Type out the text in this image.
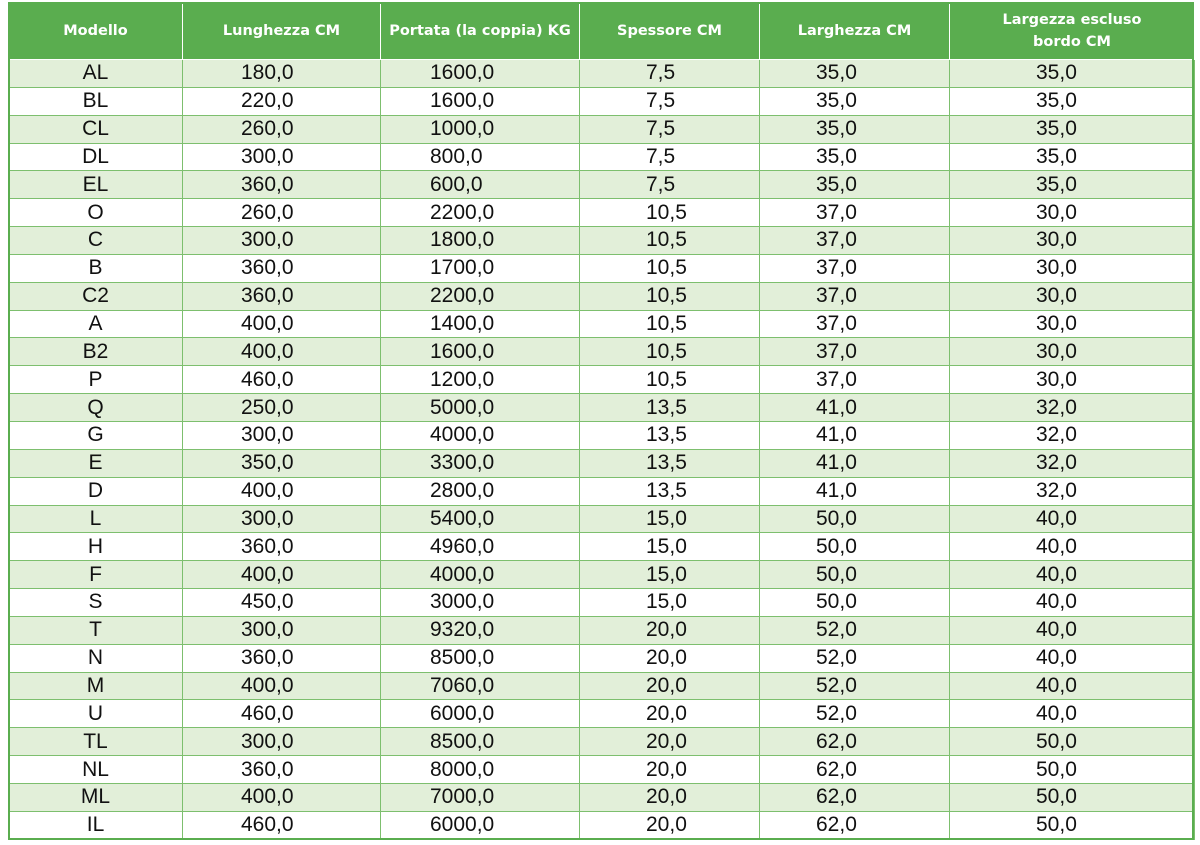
Modello	Lunghezza CM	Portata (la coppia) KG	Spessore CM	Larghezza CM	Largezza escluso
bordo CM
AL	180,0	1600,0	7,5	35,0	35,0
BL	220,0	1600,0	7,5	35,0	35,0
CL	260,0	1000,0	7,5	35,0	35,0
DL	300,0	800,0	7,5	35,0	35,0
EL	360,0	600,0	7,5	35,0	35,0
O	260,0	2200,0	10,5	37,0	30,0
C	300,0	1800,0	10,5	37,0	30,0
B	360,0	1700,0	10,5	37,0	30,0
C2	360,0	2200,0	10,5	37,0	30,0
A	400,0	1400,0	10,5	37,0	30,0
B2	400,0	1600,0	10,5	37,0	30,0
P	460,0	1200,0	10,5	37,0	30,0
Q	250,0	5000,0	13,5	41,0	32,0
G	300,0	4000,0	13,5	41,0	32,0
E	350,0	3300,0	13,5	41,0	32,0
D	400,0	2800,0	13,5	41,0	32,0
L	300,0	5400,0	15,0	50,0	40,0
H	360,0	4960,0	15,0	50,0	40,0
F	400,0	4000,0	15,0	50,0	40,0
S	450,0	3000,0	15,0	50,0	40,0
T	300,0	9320,0	20,0	52,0	40,0
N	360,0	8500,0	20,0	52,0	40,0
M	400,0	7060,0	20,0	52,0	40,0
U	460,0	6000,0	20,0	52,0	40,0
TL	300,0	8500,0	20,0	62,0	50,0
NL	360,0	8000,0	20,0	62,0	50,0
ML	400,0	7000,0	20,0	62,0	50,0
IL	460,0	6000,0	20,0	62,0	50,0
